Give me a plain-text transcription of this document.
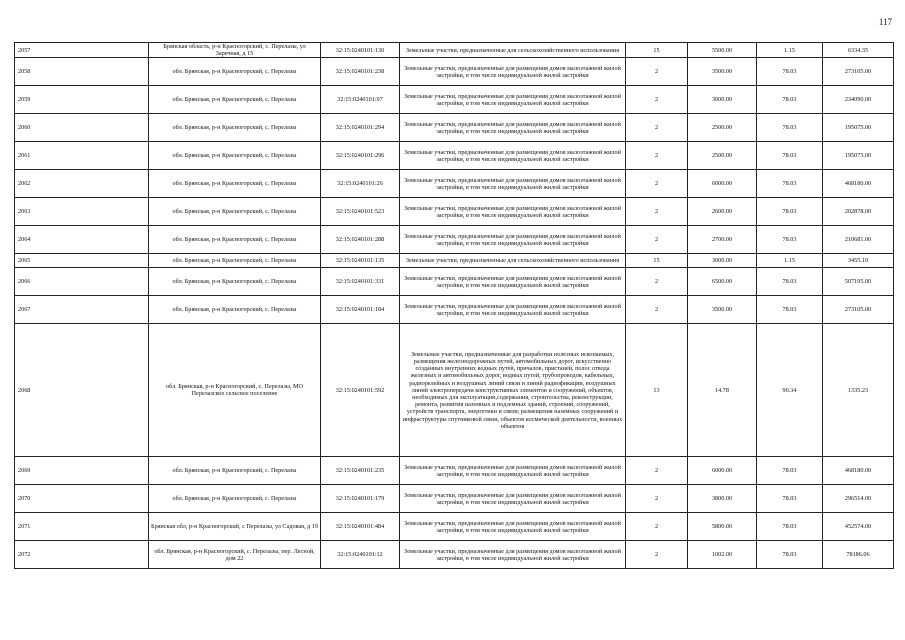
117
2057	Брянская область, р-н Красногорский, с. Перелазы, ул Заречная, д 15	32:15:0240101:130	Земельные участки, предназначенные для сельскохозяйственного использования	15	5500.00	1.15	6334.35
2058	обл. Брянская, р-н Красногорский, с. Перелазы	32:15:0240101:238	Земельные участки, предназначенные для размещения домов малоэтажной жилой застройки, в том числе индивидуальной жилой застройки	2	3500.00	78.03	273105.00
2059	обл. Брянская, р-н Красногорский, с. Перелазы	32:15:0240101:97	Земельные участки, предназначенные для размещения домов малоэтажной жилой застройки, в том числе индивидуальной жилой застройки	2	3000.00	78.03	234090.00
2060	обл. Брянская, р-н Красногорский, с. Перелазы	32:15:0240101:294	Земельные участки, предназначенные для размещения домов малоэтажной жилой застройки, в том числе индивидуальной жилой застройки	2	2500.00	78.03	195075.00
2061	обл. Брянская, р-н Красногорский, с. Перелазы	32:15:0240101:296	Земельные участки, предназначенные для размещения домов малоэтажной жилой застройки, в том числе индивидуальной жилой застройки	2	2500.00	78.03	195075.00
2062	обл. Брянская, р-н Красногорский, с. Перелазы	32:15:0240101:26	Земельные участки, предназначенные для размещения домов малоэтажной жилой застройки, в том числе индивидуальной жилой застройки	2	6000.00	78.03	468180.00
2063	обл. Брянская, р-н Красногорский, с. Перелазы	32:15:0240101:523	Земельные участки, предназначенные для размещения домов малоэтажной жилой застройки, в том числе индивидуальной жилой застройки	2	2600.00	78.03	202878.00
2064	обл. Брянская, р-н Красногорский, с. Перелазы	32:15:0240101:288	Земельные участки, предназначенные для размещения домов малоэтажной жилой застройки, в том числе индивидуальной жилой застройки	2	2700.00	78.03	210681.00
2065	обл. Брянская, р-н Красногорский, с. Перелазы	32:15:0240101:135	Земельные участки, предназначенные для сельскохозяйственного использования	15	3000.00	1.15	3455.10
2066	обл. Брянская, р-н Красногорский, с. Перелазы	32:15:0240101:331	Земельные участки, предназначенные для размещения домов малоэтажной жилой застройки, в том числе индивидуальной жилой застройки	2	6500.00	78.03	507195.00
2067	обл. Брянская, р-н Красногорский, с. Перелазы	32:15:0240101:184	Земельные участки, предназначенные для размещения домов малоэтажной жилой застройки, в том числе индивидуальной жилой застройки	2	3500.00	78.03	273105.00
2068	обл. Брянская, р-н Красногорский, с. Перелазы, МО Перелазское сельское поселение	32:15:0240101:592	Земельные участки, предназначенные для разработки полезных ископаемых, размещения железнодорожных путей, автомобильных дорог, искусственно созданных внутренних водных путей, причалов, пристаней, полос отвода железных и автомобильных дорог, водных путей, трубопроводов, кабельных, радиорелейных и воздушных линий связи и линий радиофикации, воздушных линий электропередачи конструктивных элементов и сооружений, объектов, необходимых для эксплуатации,содержания, строительства, реконструкции, ремонта, развития наземных и подземных зданий, строений, сооружений, устройств транспорта, энергетики и связи; размещения наземных сооружений и инфраструктуры спутниковой связи, объектов космической деятельности, военных объектов	13	14.78	90.34	1335.23
2069	обл. Брянская, р-н Красногорский, с. Перелазы	32:15:0240101:235	Земельные участки, предназначенные для размещения домов малоэтажной жилой застройки, в том числе индивидуальной жилой застройки	2	6000.00	78.03	468180.00
2070	обл. Брянская, р-н Красногорский, с. Перелазы	32:15:0240101:179	Земельные участки, предназначенные для размещения домов малоэтажной жилой застройки, в том числе индивидуальной жилой застройки	2	3800.00	78.03	296514.00
2071	Брянская обл, р-н Красногорский, с Перелазы, ул Садовая, д 19	32:15:0240101:484	Земельные участки, предназначенные для размещения домов малоэтажной жилой застройки, в том числе индивидуальной жилой застройки	2	5800.00	78.03	452574.00
2072	обл. Брянская, р-н Красногорский, с. Перелазы, пер. Лесной, дом 22	32:15:0240101:12	Земельные участки, предназначенные для размещения домов малоэтажной жилой застройки, в том числе индивидуальной жилой застройки	2	1002.00	78.03	78186.06
